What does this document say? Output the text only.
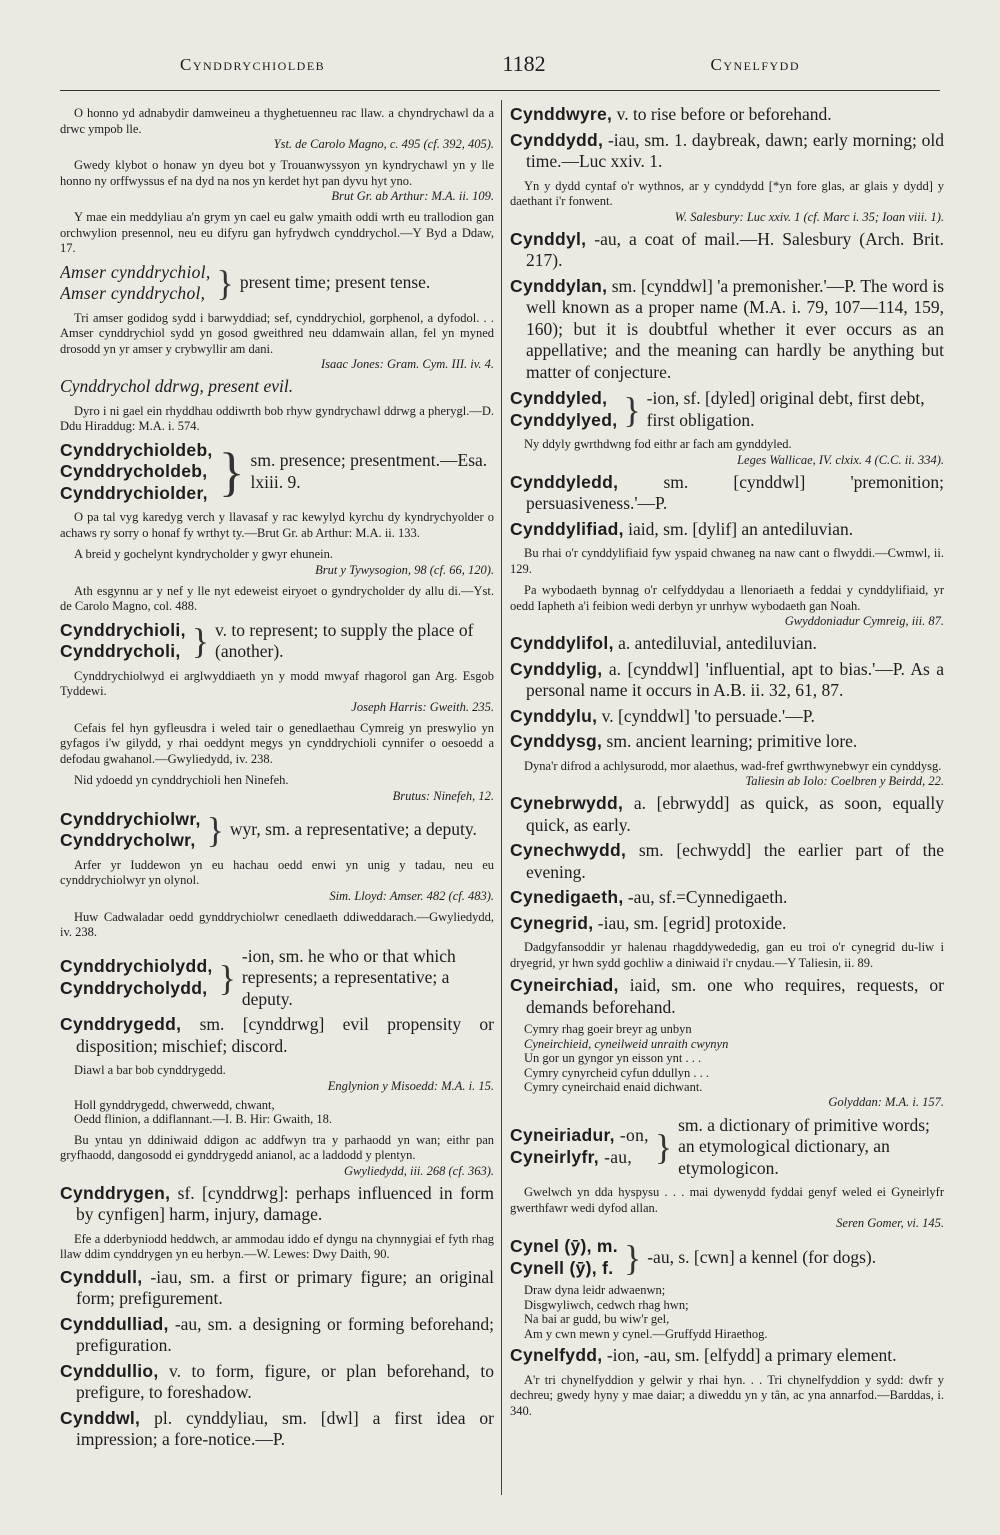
Cynddrychioldeb	1182	Cynelfydd

O honno yd adnabydir damweineu a thyghetuenneu rac llaw. a chyndrychawl da a drwc ympob lle.

Yst. de Carolo Magno, c. 495 (cf. 392, 405).

Gwedy klybot o honaw yn dyeu bot y Trouanwyssyon yn kyndrychawl yn y lle honno ny orffwyssus ef na dyd na nos yn kerdet hyt pan dyvu hyt yno.

Brut Gr. ab Arthur: M.A. ii. 109.

Y mae ein meddyliau a'n grym yn cael eu galw ymaith oddi wrth eu trallodion gan orchwylion presennol, neu eu difyru gan hyfrydwch cynddrychol.—Y Byd a Ddaw, 17.

Amser cynddrychiol,
Amser cynddrychol, } present time; present tense.

Tri amser godidog sydd i barwyddiad; sef, cynddrychiol, gorphenol, a dyfodol. . . Amser cynddrychiol sydd yn gosod gweithred neu ddamwain allan, fel yn myned drosodd yn yr amser y crybwyllir am dani.

Isaac Jones: Gram. Cym. III. iv. 4.

Cynddrychol ddrwg, present evil.

Dyro i ni gael ein rhyddhau oddiwrth bob rhyw gyndrychawl ddrwg a pherygl.—D. Ddu Hiraddug: M.A. i. 574.

Cynddrychioldeb,
Cynddrycholdeb,
Cynddrychiolder, } sm. presence; presentment.—Esa. lxiii. 9.

O pa tal vyg karedyg verch y llavasaf y rac kewylyd kyrchu dy kyndrychyolder o achaws ry sorry o honaf fy wrthyt ty.—Brut Gr. ab Arthur: M.A. ii. 133.

A breid y gochelynt kyndrycholder y gwyr ehunein.

Brut y Tywysogion, 98 (cf. 66, 120).

Ath esgynnu ar y nef y lle nyt edeweist eiryoet o gyndrycholder dy allu di.—Yst. de Carolo Magno, col. 488.

Cynddrychioli,
Cynddrycholi, } v. to represent; to supply the place of (another).

Cynddrychiolwyd ei arglwyddiaeth yn y modd mwyaf rhagorol gan Arg. Esgob Tyddewi.

Joseph Harris: Gweith. 235.

Cefais fel hyn gyfleusdra i weled tair o genedlaethau Cymreig yn preswylio yn gyfagos i'w gilydd, y rhai oeddynt megys yn cynddrychioli cynnifer o oesoedd a defodau gwahanol.—Gwyliedydd, iv. 238.

Nid ydoedd yn cynddrychioli hen Ninefeh.

Brutus: Ninefeh, 12.

Cynddrychiolwr,
Cynddrycholwr, } wyr, sm. a representative; a deputy.

Arfer yr Iuddewon yn eu hachau oedd enwi yn unig y tadau, neu eu cynddrychiolwyr yn olynol.

Sim. Lloyd: Amser. 482 (cf. 483).

Huw Cadwaladar oedd gynddrychiolwr cenedlaeth ddiweddarach.—Gwyliedydd, iv. 238.

Cynddrychiolydd,
Cynddrycholydd, }
-ion, sm. he who or that which represents; a representative; a deputy.

Cynddrygedd, sm. [cynddrwg] evil propensity or disposition; mischief; discord.

Diawl a bar bob cynddrygedd.

Englynion y Misoedd: M.A. i. 15.

Holl gynddrygedd, chwerwedd, chwant,
Oedd flinion, a ddiflannant.—I. B. Hir: Gwaith, 18.

Bu yntau yn ddiniwaid ddigon ac addfwyn tra y parhaodd yn wan; eithr pan gryfhaodd, dangosodd ei gynddrygedd anianol, ac a laddodd y plentyn.

Gwyliedydd, iii. 268 (cf. 363).

Cynddrygen, sf. [cynddrwg]: perhaps influenced in form by cynfigen] harm, injury, damage.

Efe a dderbyniodd heddwch, ar ammodau iddo ef dyngu na chynnygiai ef fyth rhag llaw ddim cynddrygen yn eu herbyn.—W. Lewes: Dwy Daith, 90.

Cynddull, -iau, sm. a first or primary figure; an original form; prefigurement.

Cynddulliad, -au, sm. a designing or forming beforehand; prefiguration.

Cynddullio, v. to form, figure, or plan beforehand, to prefigure, to foreshadow.

Cynddwl, pl. cynddyliau, sm. [dwl] a first idea or impression; a fore-notice.—P.

Cynddwyre, v. to rise before or beforehand.

Cynddydd, -iau, sm. 1. daybreak, dawn; early morning; old time.—Luc xxiv. 1.

Yn y dydd cyntaf o'r wythnos, ar y cynddydd [*yn fore glas, ar glais y dydd] y daethant i'r fonwent.

W. Salesbury: Luc xxiv. 1 (cf. Marc i. 35; Ioan viii. 1).

Cynddyl, -au, a coat of mail.—H. Salesbury (Arch. Brit. 217).

Cynddylan, sm. [cynddwl] 'a premonisher.'—P. The word is well known as a proper name (M.A. i. 79, 107—114, 159, 160); but it is doubtful whether it ever occurs as an appellative; and the meaning can hardly be anything but matter of conjecture.

Cynddyled,
Cynddylyed, } -ion, sf. [dyled] original debt, first debt, first obligation.

Ny ddyly gwrthdwng fod eithr ar fach am gynddyled.

Leges Wallicae, IV. clxix. 4 (C.C. ii. 334).

Cynddyledd, sm. [cynddwl] 'premonition; persuasiveness.'—P.

Cynddylifiad, iaid, sm. [dylif] an antediluvian.

Bu rhai o'r cynddylifiaid fyw yspaid chwaneg na naw cant o flwyddi.—Cwmwl, ii. 129.

Pa wybodaeth bynnag o'r celfyddydau a llenoriaeth a feddai y cynddylifiaid, yr oedd Iapheth a'i feibion wedi derbyn yr unrhyw wybodaeth gan Noah.

Gwyddoniadur Cymreig, iii. 87.

Cynddylifol, a. antediluvial, antediluvian.

Cynddylig, a. [cynddwl] 'influential, apt to bias.'—P. As a personal name it occurs in A.B. ii. 32, 61, 87.

Cynddylu, v. [cynddwl] 'to persuade.'—P.

Cynddysg, sm. ancient learning; primitive lore.

Dyna'r difrod a achlysurodd, mor alaethus, wad-fref gwrthwynebwyr ein cynddysg.

Taliesin ab Iolo: Coelbren y Beirdd, 22.

Cynebrwydd, a. [ebrwydd] as quick, as soon, equally quick, as early.

Cynechwydd, sm. [echwydd] the earlier part of the evening.

Cynedigaeth, -au, sf.=Cynnedigaeth.

Cynegrid, -iau, sm. [egrid] protoxide.

Dadgyfansoddir yr halenau rhagddywededig, gan eu troi o'r cynegrid du-liw i dryegrid, yr hwn sydd gochliw a diniwaid i'r cnydau.—Y Taliesin, ii. 89.

Cyneirchiad, iaid, sm. one who requires, requests, or demands beforehand.

Cymry rhag goeir breyr ag unbyn
Cyneirchieid, cyneilweid unraith cwynyn
Un gor un gyngor yn eisson ynt . . .
Cymry cynyrcheid cyfun ddullyn . . .
Cymry cyneirchaid enaid dichwant.

Golyddan: M.A. i. 157.

Cyneiriadur, -on,
Cyneirlyfr, -au, }
sm. a dictionary of primitive words; an etymological dictionary, an etymologicon.

Gwelwch yn dda hyspysu . . . mai dywenydd fyddai genyf weled ei Gyneirlyfr gwerthfawr wedi dyfod allan.

Seren Gomer, vi. 145.

Cynel (ȳ), m.
Cynell (ȳ), f. } -au, s. [cwn] a kennel (for dogs).
Draw dyna leidr adwaenwn;
Disgwyliwch, cedwch rhag hwn;
Na bai ar gudd, bu wiw'r gel,
Am y cwn mewn y cynel.—Gruffydd Hiraethog.

Cynelfydd, -ion, -au, sm. [elfydd] a primary element.

A'r tri chynelfyddion y gelwir y rhai hyn. . . Tri chynelfyddion y sydd: dwfr y dechreu; gwedy hyny y mae daiar; a diweddu yn y tân, ac yna annarfod.—Barddas, i. 340.
